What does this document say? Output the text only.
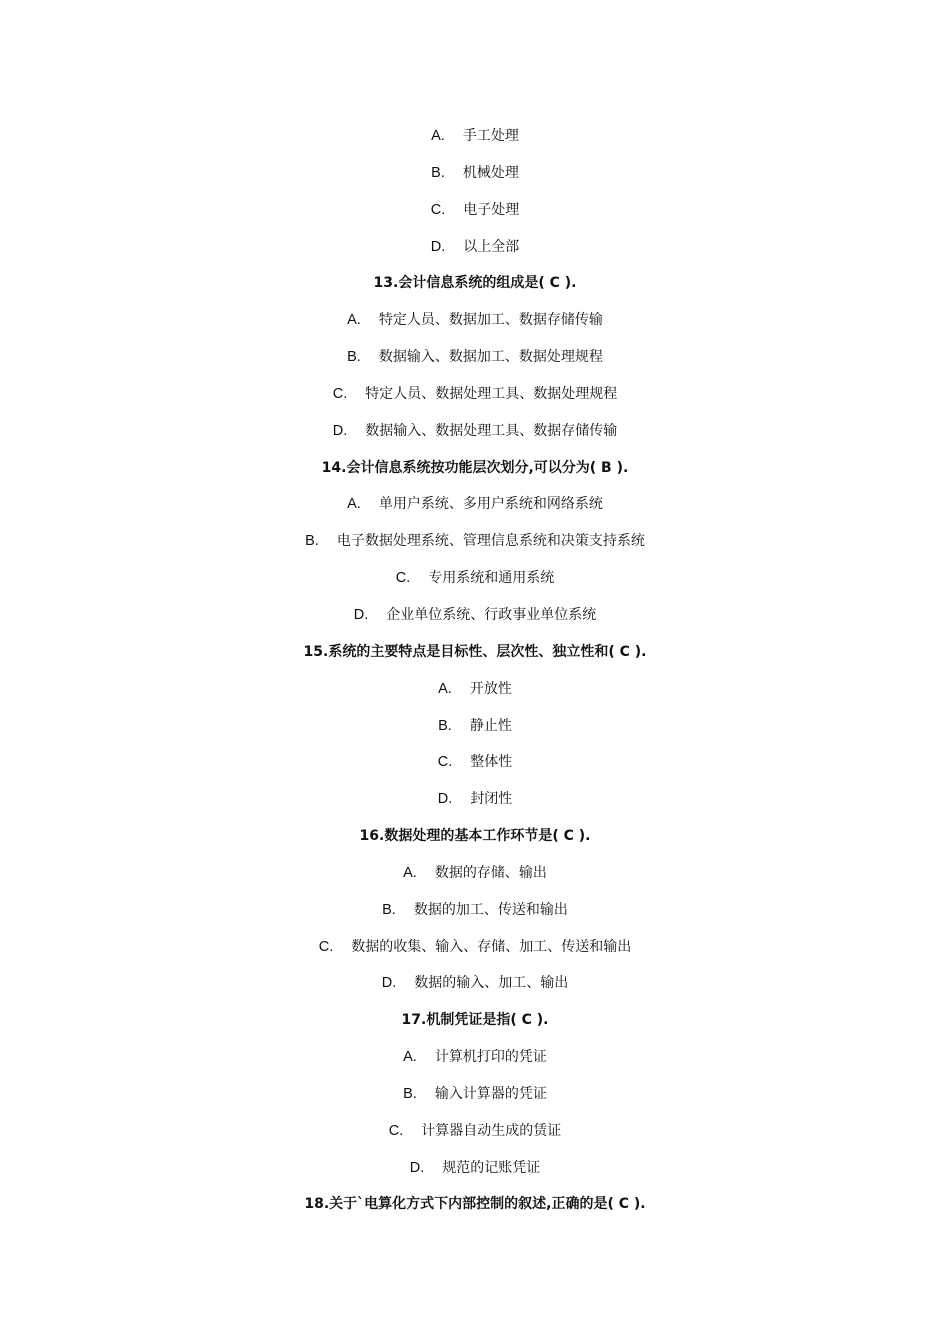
A. 手工处理
B. 机械处理
C. 电子处理
D. 以上全部
13.会计信息系统的组成是( C ).
A. 特定人员、数据加工、数据存储传输
B. 数据输入、数据加工、数据处理规程
C. 特定人员、数据处理工具、数据处理规程
D. 数据输入、数据处理工具、数据存储传输
14.会计信息系统按功能层次划分,可以分为( B ).
A. 单用户系统、多用户系统和网络系统
B. 电子数据处理系统、管理信息系统和决策支持系统
C. 专用系统和通用系统
D. 企业单位系统、行政事业单位系统
15.系统的主要特点是目标性、层次性、独立性和( C ).
A. 开放性
B. 静止性
C. 整体性
D. 封闭性
16.数据处理的基本工作环节是( C ).
A. 数据的存储、输出
B. 数据的加工、传送和输出
C. 数据的收集、输入、存储、加工、传送和输出
D. 数据的输入、加工、输出
17.机制凭证是指( C ).
A. 计算机打印的凭证
B. 输入计算器的凭证
C. 计算器自动生成的赁证
D. 规范的记账凭证
18.关于`电算化方式下内部控制的叙述,正确的是( C ).
